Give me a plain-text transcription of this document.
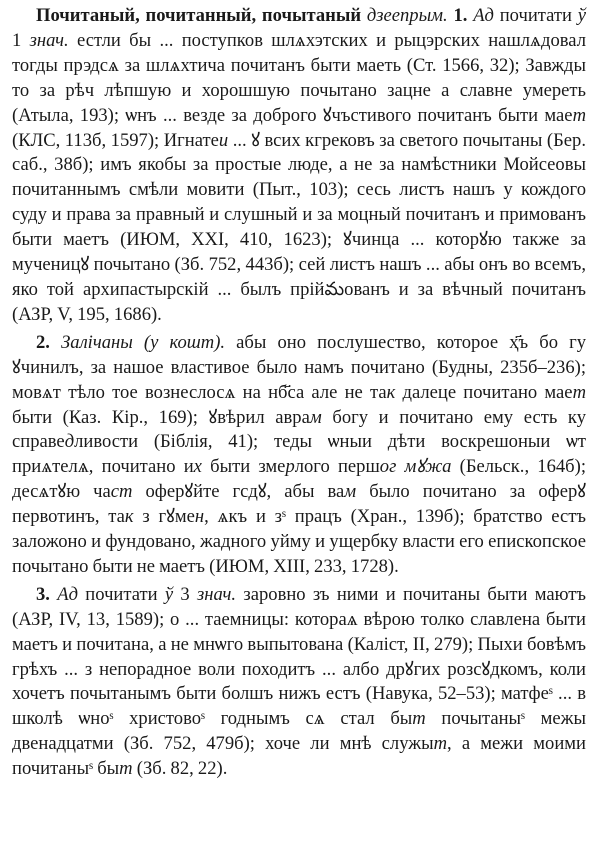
Почитаный, почитанный, почытаный дзеепрым. 1. Ад почитати ў 1 знач. естли бы ... поступков шлѧхэтских и рыцэрских нашлѧдовал тогды прэдсѧ за шлѧхтича почитанъ быти маеть (Ст. 1566, 32); Завжды то за рѣч лѣпшую и хорошшую почытано зацне а славне умереть (Атыла, 193); ѡнъ ... везде за доброго ꙋчъстивого почитанъ быти мает (КЛС, 113б, 1597); Игнатеи ... ꙋ всих кгрековъ за светого почытаны (Бер. саб., 38б); имъ якобы за простые люде, а не за намѣстники Мойсеовы почитаннымъ смѣли мовити (Пыт., 103); сесь листъ нашъ у кождого суду и права за правный и слушный и за моцный почитанъ и примованъ быти маетъ (ИЮМ, XXI, 410, 1623); ꙋчинца ... которꙋю также за мученицꙋ почытано (Зб. 752, 443б); сей листъ нашъ ... абы онъ во всемъ, яко той архипастырскій ... былъ прійమованъ и за вѣчный почитанъ (АЗР, V, 195, 1686).

2. Залічаны (у кошт). абы оно послушество, которое ҳ҃ъ бо гу ꙋчинилъ, за нашое властивое было намъ почитано (Будны, 235б–236); мовѧт тѣло тое вознеслосѧ на нб҃са але не так далеце почитано мает быти (Каз. Кір., 169); ꙋвѣрил аврам богу и почитано ему есть ку справедливости (Біблія, 41); теды ѡныи дѣти воскрешоныи ѡт приѧтелѧ, почитано их быти змерлого першог мꙋжа (Бельск., 164б); десѧтꙋю част оферꙋйте гсдꙋ, абы вам было почитано за оферꙋ первотинъ, так з гꙋмен, ѧкъ и зˢ працъ (Хран., 139б); братство естъ заложоно и фундовано, жадного уйму и ущербку власти его епископское почытано быти не маетъ (ИЮМ, XIII, 233, 1728).

3. Ад почитати ў 3 знач. заровно зъ ними и почитаны быти маютъ (АЗР, IV, 13, 1589); о ... таемницы: котораѧ вѣрою толко славлена быти маетъ и почитана, а не мнѡго выпытована (Каліст, II, 279); Пыхи бовѣмъ грѣхъ ... з непорадное воли походитъ ... албо дрꙋгих розсꙋдкомъ, коли хочетъ почытанымъ быти болшъ нижъ естъ (Навука, 52–53); матфеˢ ... в школѣ ѡноˢ христовоˢ годнымъ сѧ стал быт почытаныˢ межы двенадцатми (Зб. 752, 479б); хоче ли мнѣ служыт, а межи моими почитаныˢ быт (Зб. 82, 22).
